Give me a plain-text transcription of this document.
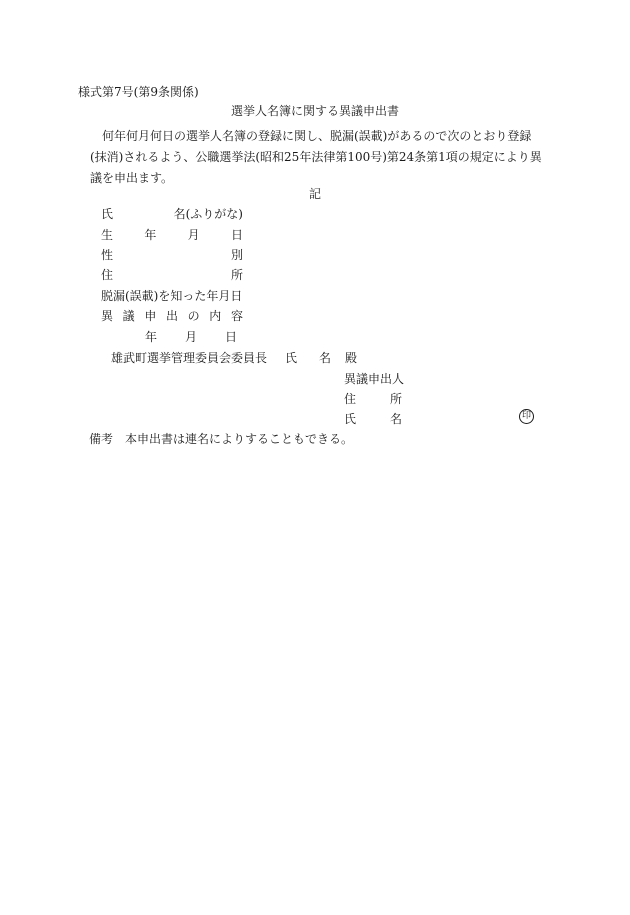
様式第7号(第9条関係)
選挙人名簿に関する異議申出書
何年何月何日の選挙人名簿の登録に関し、脱漏(誤載)があるので次のとおり登録(抹消)されるよう、公職選挙法(昭和25年法律第100号)第24条第1項の規定により異議を申出ます。
記
氏	名(ふりがな)
生	年	月	日
性	別
住	所
脱漏(誤載)を知った年月日
異 議 申 出 の 内 容
年 月 日
雄武町選挙管理委員会委員長 氏 名 殿
異議申出人
住	所
氏	名	印
備考 本申出書は連名によりすることもできる。
